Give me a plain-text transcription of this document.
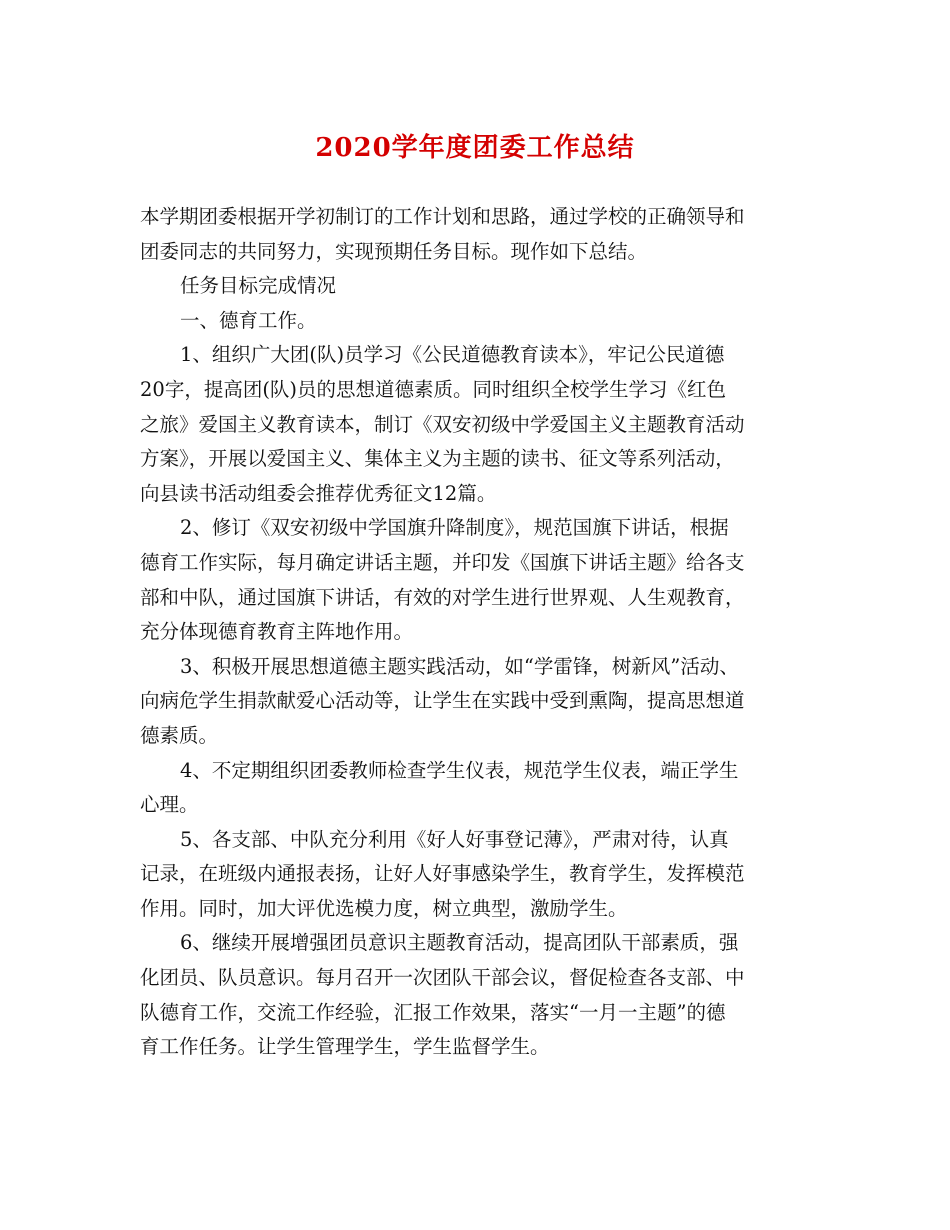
2020学年度团委工作总结
本学期团委根据开学初制订的工作计划和思路，通过学校的正确领导和
团委同志的共同努力，实现预期任务目标。现作如下总结。
任务目标完成情况
一、德育工作。
1、组织广大团(队)员学习《公民道德教育读本》，牢记公民道德
20字，提高团(队)员的思想道德素质。同时组织全校学生学习《红色
之旅》爱国主义教育读本，制订《双安初级中学爱国主义主题教育活动
方案》，开展以爱国主义、集体主义为主题的读书、征文等系列活动，
向县读书活动组委会推荐优秀征文12篇。
2、修订《双安初级中学国旗升降制度》，规范国旗下讲话，根据
德育工作实际，每月确定讲话主题，并印发《国旗下讲话主题》给各支
部和中队，通过国旗下讲话，有效的对学生进行世界观、人生观教育，
充分体现德育教育主阵地作用。
3、积极开展思想道德主题实践活动，如“学雷锋，树新风”活动、
向病危学生捐款献爱心活动等，让学生在实践中受到熏陶，提高思想道
德素质。
4、不定期组织团委教师检查学生仪表，规范学生仪表，端正学生
心理。
5、各支部、中队充分利用《好人好事登记薄》，严肃对待，认真
记录，在班级内通报表扬，让好人好事感染学生，教育学生，发挥模范
作用。同时，加大评优选模力度，树立典型，激励学生。
6、继续开展增强团员意识主题教育活动，提高团队干部素质，强
化团员、队员意识。每月召开一次团队干部会议，督促检查各支部、中
队德育工作，交流工作经验，汇报工作效果，落实“一月一主题”的德
育工作任务。让学生管理学生，学生监督学生。
